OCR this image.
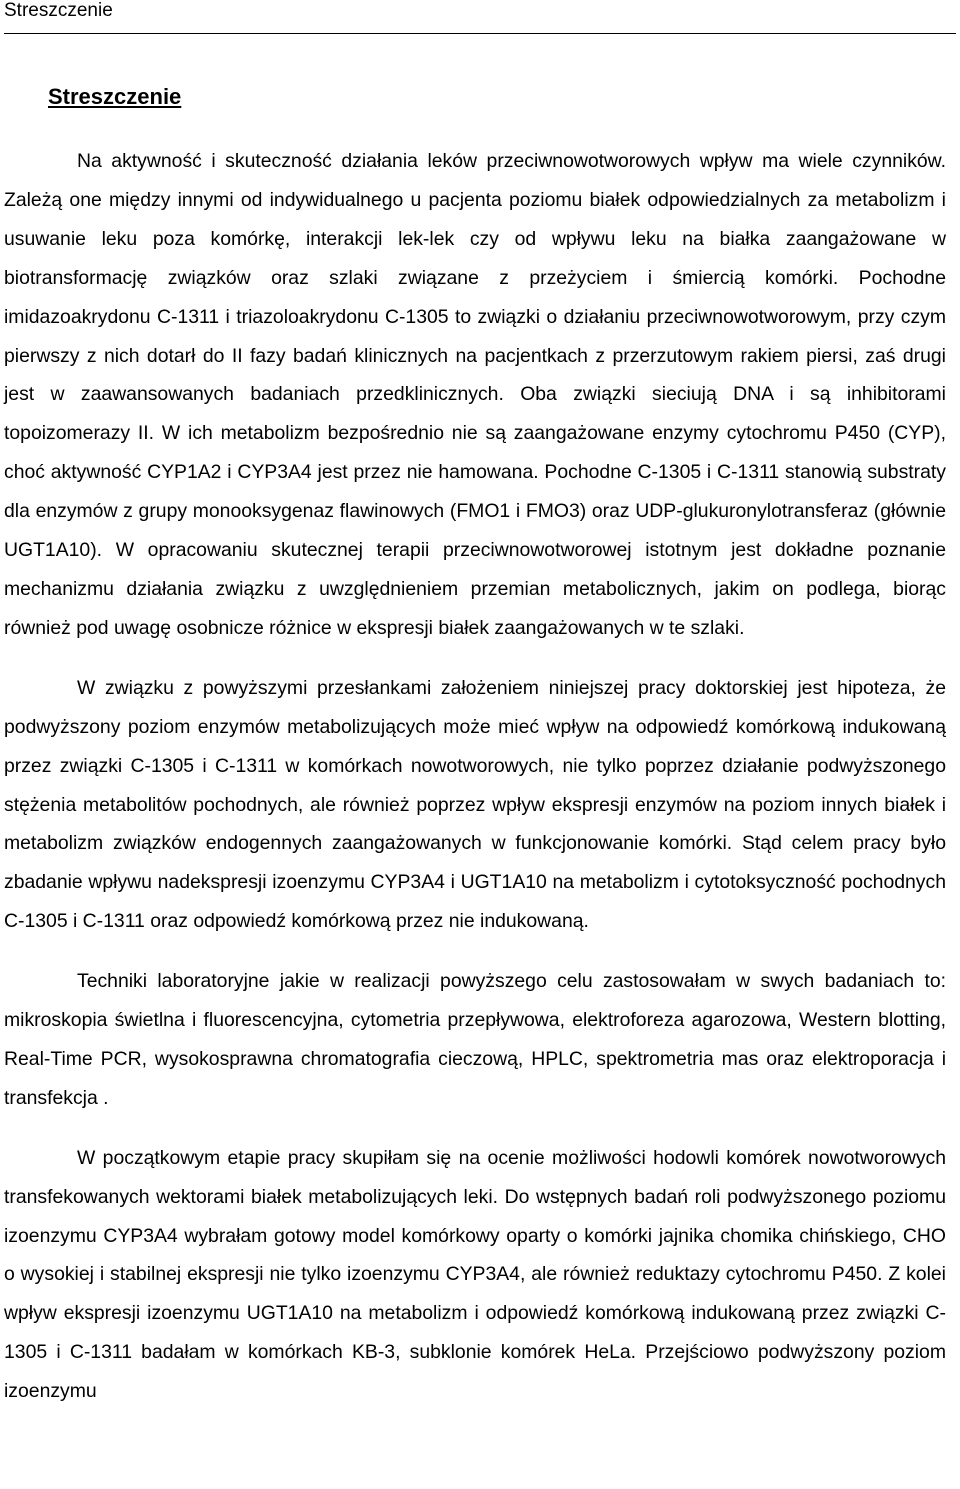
Streszczenie
Streszczenie

Na aktywność i skuteczność działania leków przeciwnowotworowych wpływ ma wiele czynników. Zależą one między innymi od indywidualnego u pacjenta poziomu białek odpowiedzialnych za metabolizm i usuwanie leku poza komórkę, interakcji lek-lek czy od wpływu leku na białka zaangażowane w biotransformację związków oraz szlaki związane z przeżyciem i śmiercią komórki. Pochodne imidazoakrydonu C-1311 i triazoloakrydonu C-1305 to związki o działaniu przeciwnowotworowym, przy czym pierwszy z nich dotarł do II fazy badań klinicznych na pacjentkach z przerzutowym rakiem piersi, zaś drugi jest w zaawansowanych badaniach przedklinicznych. Oba związki sieciują DNA i są inhibitorami topoizomerazy II. W ich metabolizm bezpośrednio nie są zaangażowane enzymy cytochromu P450 (CYP), choć aktywność CYP1A2 i CYP3A4 jest przez nie hamowana. Pochodne C-1305 i C-1311 stanowią substraty dla enzymów z grupy monooksygenaz flawinowych (FMO1 i FMO3) oraz UDP-glukuronylotransferaz (głównie UGT1A10). W opracowaniu skutecznej terapii przeciwnowotworowej istotnym jest dokładne poznanie mechanizmu działania związku z uwzględnieniem przemian metabolicznych, jakim on podlega, biorąc również pod uwagę osobnicze różnice w ekspresji białek zaangażowanych w te szlaki.

W związku z powyższymi przesłankami założeniem niniejszej pracy doktorskiej jest hipoteza, że podwyższony poziom enzymów metabolizujących może mieć wpływ na odpowiedź komórkową indukowaną przez związki C-1305 i C-1311 w komórkach nowotworowych, nie tylko poprzez działanie podwyższonego stężenia metabolitów pochodnych, ale również poprzez wpływ ekspresji enzymów na poziom innych białek i metabolizm związków endogennych zaangażowanych w funkcjonowanie komórki. Stąd celem pracy było zbadanie wpływu nadekspresji izoenzymu CYP3A4 i UGT1A10 na metabolizm i cytotoksyczność pochodnych C-1305 i C-1311 oraz odpowiedź komórkową przez nie indukowaną.

Techniki laboratoryjne jakie w realizacji powyższego celu zastosowałam w swych badaniach to: mikroskopia świetlna i fluorescencyjna, cytometria przepływowa, elektroforeza agarozowa, Western blotting, Real-Time PCR, wysokosprawna chromatografia cieczową, HPLC, spektrometria mas oraz elektroporacja i transfekcja .

W początkowym etapie pracy skupiłam się na ocenie możliwości hodowli komórek nowotworowych transfekowanych wektorami białek metabolizujących leki. Do wstępnych badań roli podwyższonego poziomu izoenzymu CYP3A4 wybrałam gotowy model komórkowy oparty o komórki jajnika chomika chińskiego, CHO o wysokiej i stabilnej ekspresji nie tylko izoenzymu CYP3A4, ale również reduktazy cytochromu P450. Z kolei wpływ ekspresji izoenzymu UGT1A10 na metabolizm i odpowiedź komórkową indukowaną przez związki C-1305 i C-1311 badałam w komórkach KB-3, subklonie komórek HeLa. Przejściowo podwyższony poziom izoenzymu
